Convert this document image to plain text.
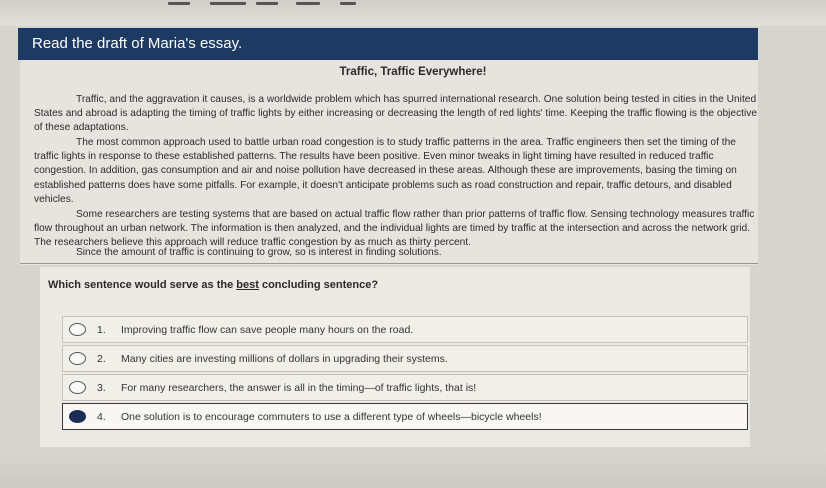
Read the draft of Maria's essay.
Traffic, Traffic Everywhere!

Traffic, and the aggravation it causes, is a worldwide problem which has spurred international research. One solution being tested in cities in the United States and abroad is adapting the timing of traffic lights by either increasing or decreasing the length of red lights' time. Keeping the traffic flowing is the objective of these adaptations.

The most common approach used to battle urban road congestion is to study traffic patterns in the area. Traffic engineers then set the timing of the traffic lights in response to these established patterns. The results have been positive. Even minor tweaks in light timing have resulted in reduced traffic congestion. In addition, gas consumption and air and noise pollution have decreased in these areas. Although these are improvements, basing the timing on established patterns does have some pitfalls. For example, it doesn't anticipate problems such as road construction and repair, traffic detours, and disabled vehicles.

Some researchers are testing systems that are based on actual traffic flow rather than prior patterns of traffic flow. Sensing technology measures traffic flow throughout an urban network. The information is then analyzed, and the individual lights are timed by traffic at the intersection and across the network grid. The researchers believe this approach will reduce traffic congestion by as much as thirty percent.

Since the amount of traffic is continuing to grow, so is interest in finding solutions.

Which sentence would serve as the best concluding sentence?
1. Improving traffic flow can save people many hours on the road.
2. Many cities are investing millions of dollars in upgrading their systems.
3. For many researchers, the answer is all in the timing—of traffic lights, that is!
4. One solution is to encourage commuters to use a different type of wheels—bicycle wheels!
